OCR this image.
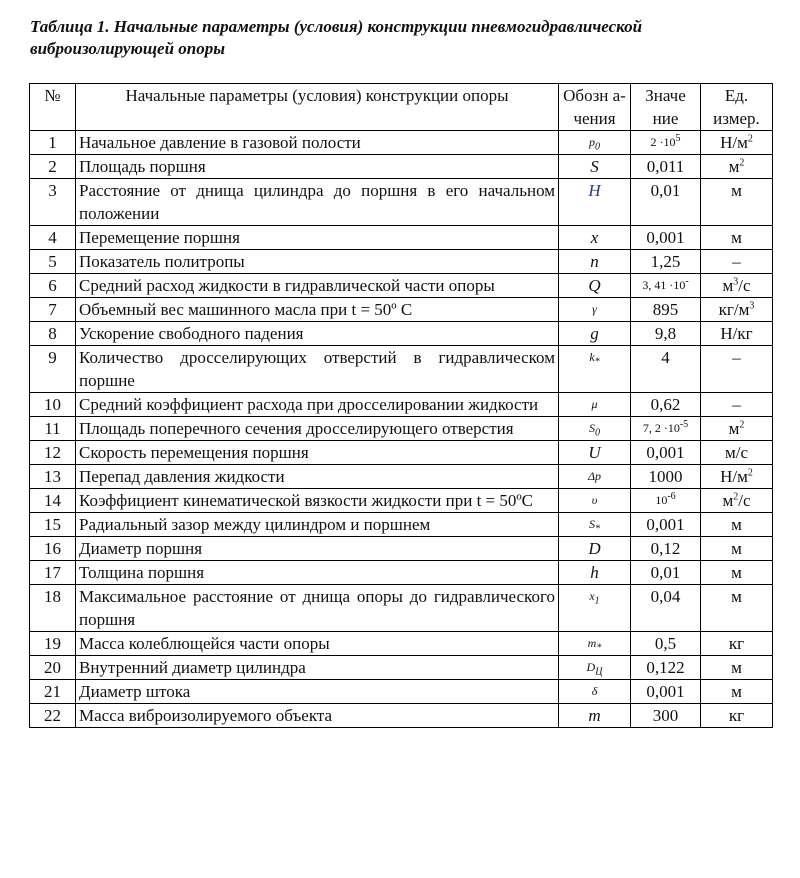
Таблица 1. Начальные параметры (условия) конструкции пневмогидравлической виброизолирующей опоры
№	Начальные параметры (условия) конструкции опоры	Обозн а- чения	Значе ние	Ед. измер.
1	Начальное давление в газовой полости	$p_0$	$2 \cdot 10^5$	$Н/м^2$
2	Площадь поршня	S	0,011	$м^2$
3	Расстояние от днища цилиндра до поршня в его начальном положении	H	0,01	м
4	Перемещение поршня	x	0,001	м
5	Показатель политропы	n	1,25	–
6	Средний расход жидкости в гидравлической части опоры	Q	3, 41 ·10-	$м^3/с$
7	Объемный вес машинного масла при t = 50º С	γ	895	$кг/м^3$
8	Ускорение свободного падения	g	9,8	Н/кг
9	Количество дросселирующих отверстий в гидравлическом поршне	$k_*$	4	–
10	Средний коэффициент расхода при дросселировании жидкости	μ	0,62	–
11	Площадь поперечного сечения дросселирующего отверстия	$S_0$	7, $2 \cdot 10^{-5}$	$м^2$
12	Скорость перемещения поршня	U	0,001	м/с
13	Перепад давления жидкости	Δp	1000	$Н/м^2$
14	Коэффициент кинематической вязкости жидкости при t = 50ºС	υ	$10^{-6}$	$м^2/с$
15	Радиальный зазор между цилиндром и поршнем	$S_*$	0,001	м
16	Диаметр поршня	D	0,12	м
17	Толщина поршня	h	0,01	м
18	Максимальное расстояние от днища опоры до гидравлического поршня	$x_1$	0,04	м
19	Масса колеблющейся части опоры	$m_*$	0,5	кг
20	Внутренний диаметр цилиндра	$D_Ц$	0,122	м
21	Диаметр штока	δ	0,001	м
22	Масса виброизолируемого объекта	m	300	кг
